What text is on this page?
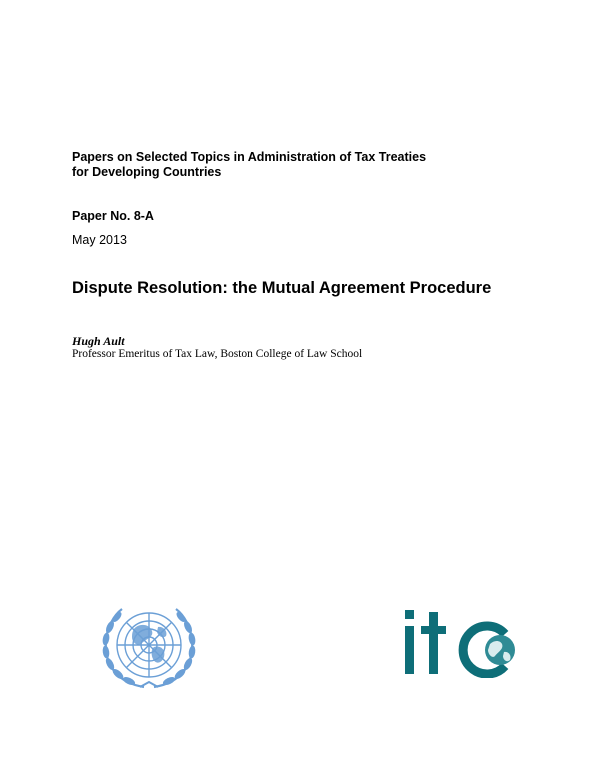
Papers on Selected Topics in Administration of Tax Treaties
for Developing Countries
Paper No. 8-A
May 2013
Dispute Resolution: the Mutual Agreement Procedure
Hugh Ault
Professor Emeritus of Tax Law, Boston College of Law School
itc
